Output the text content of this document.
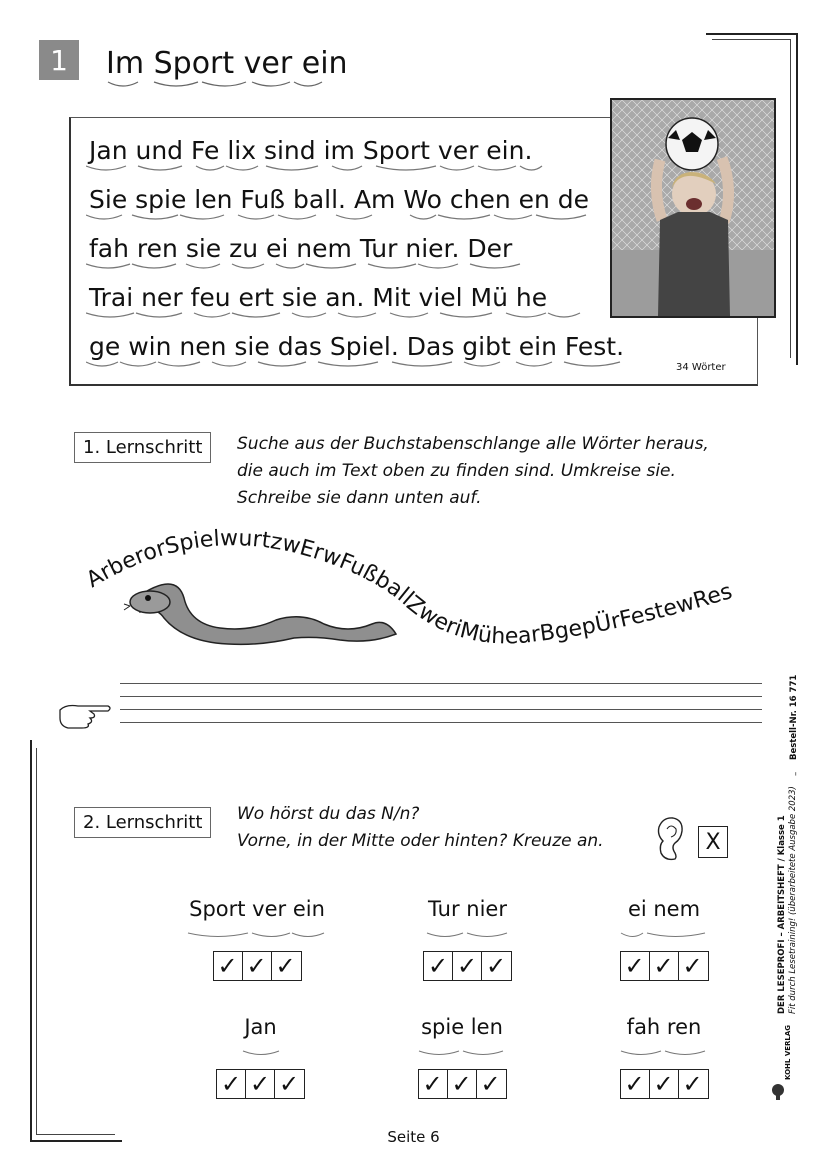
1	Im Sport ver ein
Jan und Fe lix sind im Sport ver ein.
Sie spie len Fuß ball. Am Wo chen en de
fah ren sie zu ei nem Tur nier. Der
Trai ner feu ert sie an. Mit viel Mü he
ge win nen sie das Spiel. Das gibt ein Fest.
34 Wörter
1. Lernschritt	Suche aus der Buchstabenschlange alle Wörter heraus,
die auch im Text oben zu finden sind. Umkreise sie.
Schreibe sie dann unten auf.
ArberorSpielwurtzwErwFußballZweriMühearBgepÜrFestewRes
2. Lernschritt	Wo hörst du das N/n?
Vorne, in der Mitte oder hinten? Kreuze an.	X
Sport ver ein
✓ ✓ ✓
Tur nier
✓ ✓ ✓
ei nem
✓ ✓ ✓
Jan
✓ ✓ ✓
spie len
✓ ✓ ✓
fah ren
✓ ✓ ✓
DER LESEPROFI – ARBEITSHEFT / Klasse 1 Fit durch Lesetraining! (überarbeitete Ausgabe 2023)
–
Bestell-Nr. 16 771
KOHL VERLAG
Seite 6
